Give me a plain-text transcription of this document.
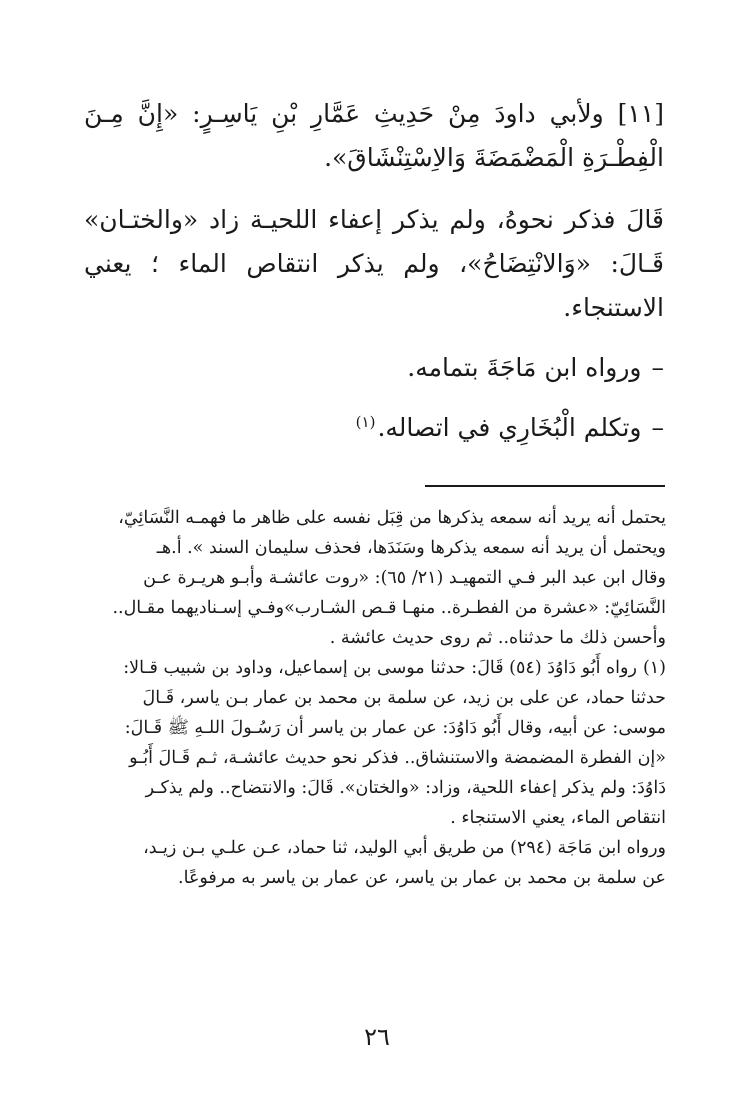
[١١] ولأبي داودَ مِنْ حَدِيثِ عَمَّارِ بْنِ يَاسِـرٍ: «إِنَّ مِـنَ الْفِطْـرَةِ الْمَضْمَضَةَ وَالاِسْتِنْشَاقَ».

قَالَ فذكر نحوهُ، ولم يذكر إعفاء اللحيـة زاد «والختـان» قَـالَ: «وَالانْتِضَاحُ»، ولم يذكر انتقاص الماء ؛ يعني الاستنجاء.

–ورواه ابن مَاجَةَ بتمامه.

–وتكلم الْبُخَارِي في اتصاله.$^{(١)}$

يحتمل أنه يريد أنه سمعه يذكرها من قِبَل نفسه على ظاهر ما فهمـه النَّسَائِيّ،
ويحتمل أن يريد أنه سمعه يذكرها وسَنَدَها، فحذف سليمان السند ». أ.هـ
وقال ابن عبد البر فـي التمهيـد (٢١/ ٦٥): «روت عائشـة وأبـو هريـرة عـن
النَّسَائِيّ: «عشرة من الفطـرة.. منهـا قـص الشـارب»وفـي إسـناديهما مقـال..
وأحسن ذلك ما حدثناه.. ثم روى حديث عائشة .
(١)رواه أَبُو دَاوُدَ (٥٤) قَالَ: حدثنا موسى بن إسماعيل، وداود بن شبيب قـالا:
حدثنا حماد، عن على بن زيد، عن سلمة بن محمد بن عمار بـن ياسر، قَـالَ
موسى: عن أبيه، وقال أَبُو دَاوُدَ: عن عمار بن ياسر أن رَسُـولَ اللـهِ ﷺ قَـالَ:
«إن الفطرة المضمضة والاستنشاق.. فذكر نحو حديث عائشـة، ثـم قَـالَ أَبُـو
دَاوُدَ: ولم يذكر إعفاء اللحية، وزاد: «والختان». قَالَ: والانتضاح.. ولم يذكـر
انتقاص الماء، يعني الاستنجاء .
ورواه ابن مَاجَة (٢٩٤) من طريق أبي الوليد، ثنا حماد، عـن علـي بـن زيـد،
عن سلمة بن محمد بن عمار بن ياسر، عن عمار بن ياسر به مرفوعًا.
٢٦
